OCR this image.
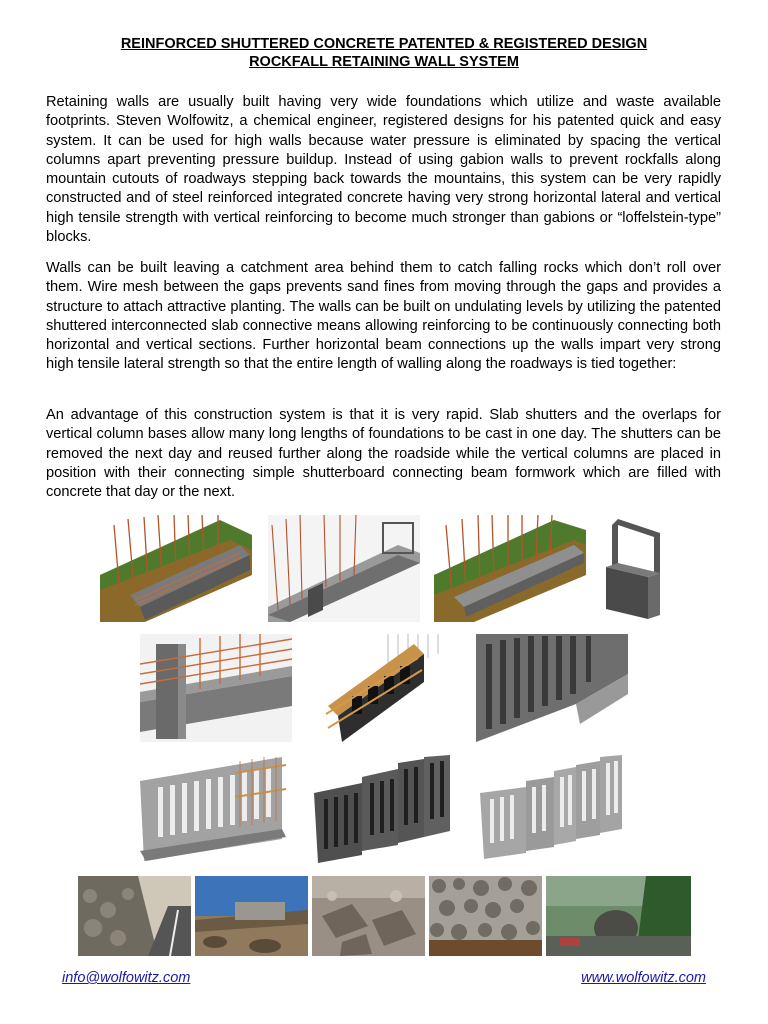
REINFORCED SHUTTERED CONCRETE PATENTED & REGISTERED DESIGN
ROCKFALL RETAINING WALL SYSTEM

Retaining walls are usually built having very wide foundations which utilize and waste available footprints. Steven Wolfowitz, a chemical engineer, registered designs for his patented quick and easy system. It can be used for high walls because water pressure is eliminated by spacing the vertical columns apart preventing pressure buildup. Instead of using gabion walls to prevent rockfalls along mountain cutouts of roadways stepping back towards the mountains, this system can be very rapidly constructed and of steel reinforced integrated concrete having very strong horizontal lateral and vertical high tensile strength with vertical reinforcing to become much stronger than gabions or “loffelstein-type” blocks.

Walls can be built leaving a catchment area behind them to catch falling rocks which don’t roll over them. Wire mesh between the gaps prevents sand fines from moving through the gaps and provides a structure to attach attractive planting. The walls can be built on undulating levels by utilizing the patented shuttered interconnected slab connective means allowing reinforcing to be continuously connecting both horizontal and vertical sections. Further horizontal beam connections up the walls impart very strong high tensile lateral strength so that the entire length of walling along the roadways is tied together:

An advantage of this construction system is that it is very rapid. Slab shutters and the overlaps for vertical column bases allow many long lengths of foundations to be cast in one day. The shutters can be removed the next day and reused further along the roadside while the vertical columns are placed in position with their connecting simple shutterboard connecting beam formwork which are filled with concrete that day or the next.

info@wolfowitz.com	www.wolfowitz.com
